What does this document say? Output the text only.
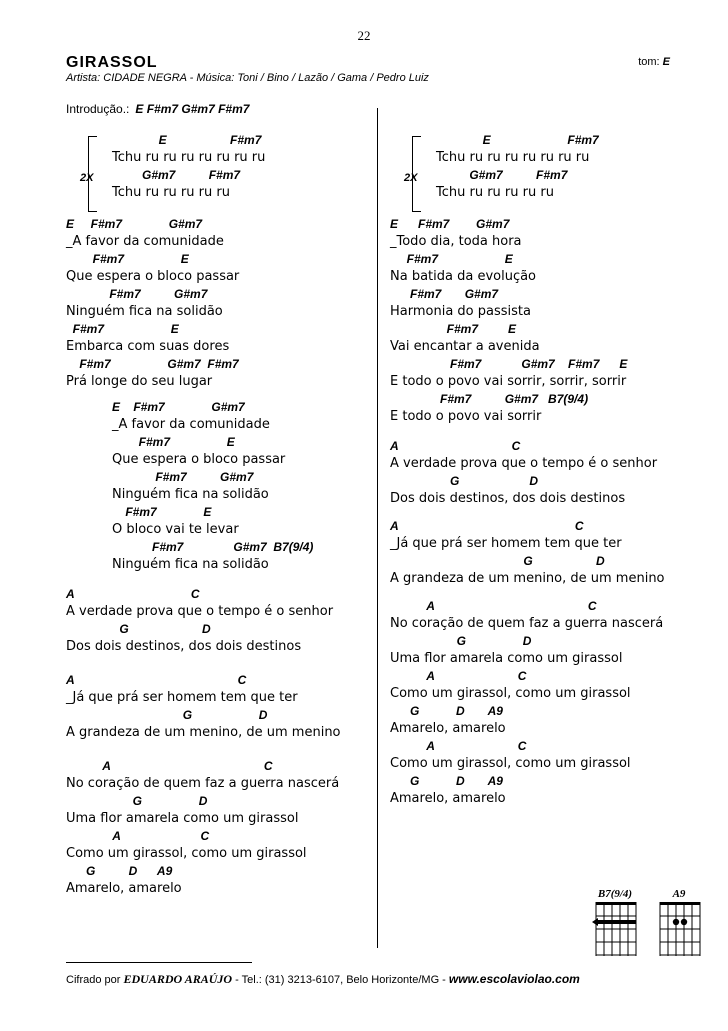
22
GIRASSOL	tom: E
Artista: CIDADE NEGRA - Música: Toni / Bino / Lazão / Gama / Pedro Luiz
Introdução.: E F#m7 G#m7 F#m7
2X
E                   F#m7
Tchu ru ru ru ru ru ru ru
G#m7          F#m7
Tchu ru ru ru ru ru
E     F#m7              G#m7
_A favor da comunidade
F#m7                 E
Que espera o bloco passar
F#m7          G#m7
Ninguém fica na solidão
F#m7                    E
Embarca com suas dores
F#m7                 G#m7  F#m7
Prá longe do seu lugar
E    F#m7              G#m7
_A favor da comunidade
F#m7                 E
Que espera o bloco passar
F#m7          G#m7
Ninguém fica na solidão
F#m7              E
O bloco vai te levar
F#m7               G#m7  B7(9/4)
Ninguém fica na solidão
A                                   C
A verdade prova que o tempo é o senhor
G                      D
Dos dois destinos, dos dois destinos
A                                                 C
_Já que prá ser homem tem que ter
G                    D
A grandeza de um menino, de um menino
A                                              C
No coração de quem faz a guerra nascerá
G                 D
Uma flor amarela como um girassol
A                        C
Como um girassol, como um girassol
G          D      A9
Amarelo, amarelo
2X
E                       F#m7
Tchu ru ru ru ru ru ru ru
G#m7          F#m7
Tchu ru ru ru ru ru
E      F#m7        G#m7
_Todo dia, toda hora
F#m7                    E
Na batida da evolução
F#m7       G#m7
Harmonia do passista
F#m7         E
Vai encantar a avenida
F#m7            G#m7    F#m7      E
E todo o povo vai sorrir, sorrir, sorrir
F#m7          G#m7   B7(9/4)
E todo o povo vai sorrir
A                                  C
A verdade prova que o tempo é o senhor
G                     D
Dos dois destinos, dos dois destinos
A                                                     C
_Já que prá ser homem tem que ter
G                   D
A grandeza de um menino, de um menino
A                                              C
No coração de quem faz a guerra nascerá
G                 D
Uma flor amarela como um girassol
A                         C
Como um girassol, como um girassol
G           D       A9
Amarelo, amarelo
A                         C
Como um girassol, como um girassol
G           D       A9
Amarelo, amarelo
B7(9/4)	A9
Cifrado por EDUARDO ARAÚJO - Tel.: (31) 3213-6107, Belo Horizonte/MG - www.escolaviolao.com
